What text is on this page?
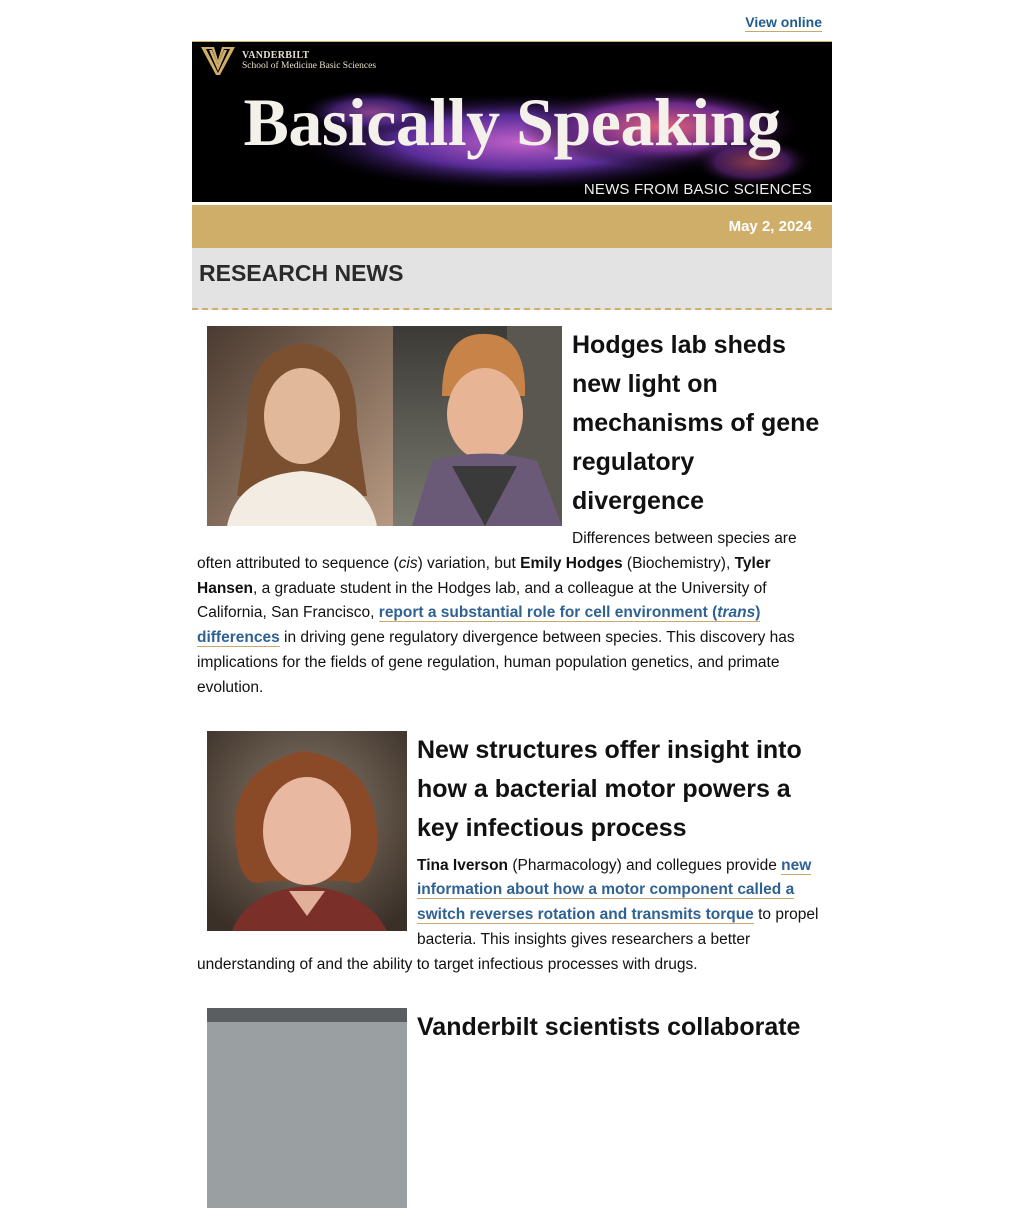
View online
VANDERBILT
School of Medicine Basic Sciences
Basically Speaking
NEWS FROM BASIC SCIENCES
May 2, 2024
RESEARCH NEWS
Hodges lab sheds new light on mechanisms of gene regulatory divergence

Differences between species are often attributed to sequence (cis) variation, but Emily Hodges (Biochemistry), Tyler Hansen, a graduate student in the Hodges lab, and a colleague at the University of California, San Francisco, report a substantial role for cell environment (trans) differences in driving gene regulatory divergence between species. This discovery has implications for the fields of gene regulation, human population genetics, and primate evolution.

New structures offer insight into how a bacterial motor powers a key infectious process

Tina Iverson (Pharmacology) and collegues provide new information about how a motor component called a switch reverses rotation and transmits torque to propel bacteria. This insights gives researchers a better understanding of and the ability to target infectious processes with drugs.

Vanderbilt scientists collaborate
